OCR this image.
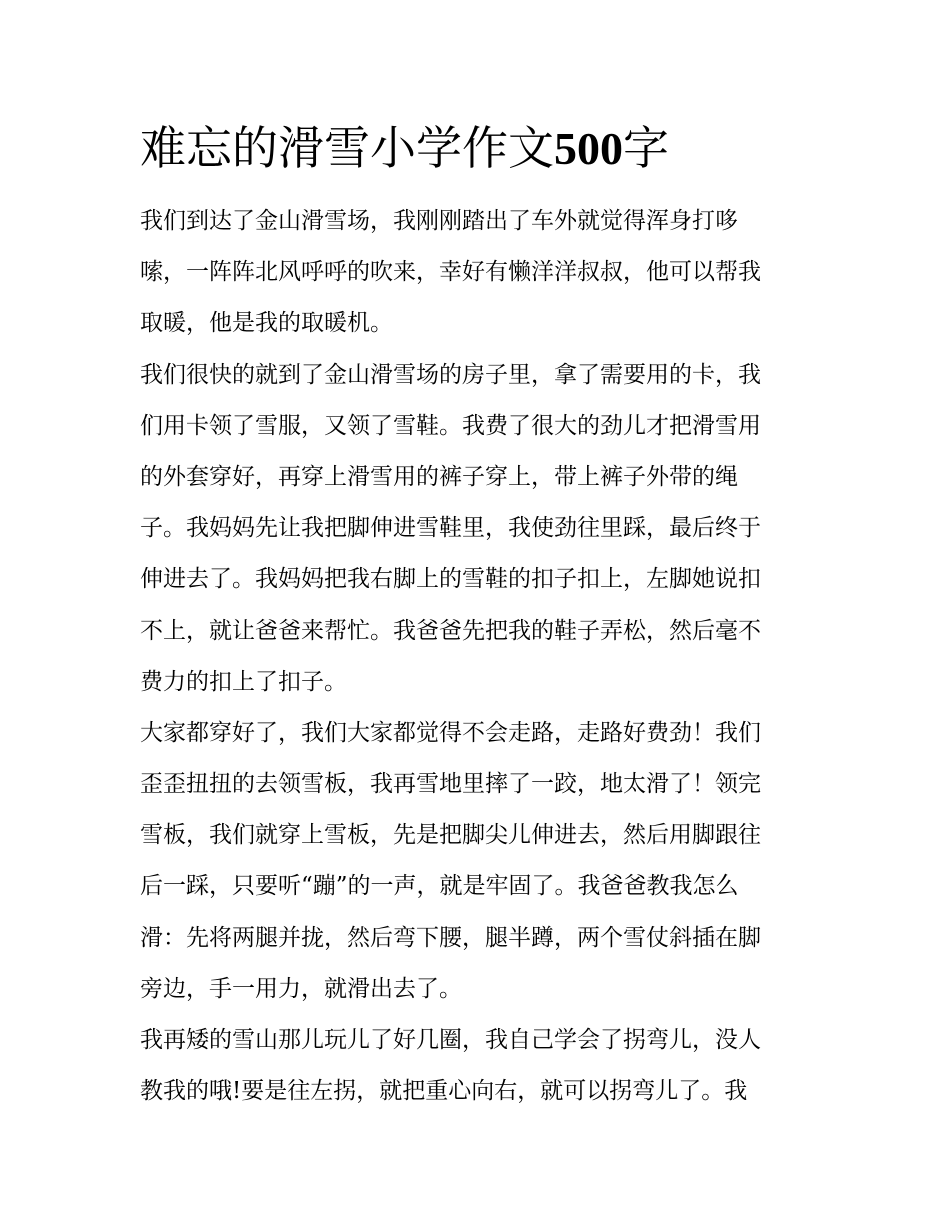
难忘的滑雪小学作文500字

我们到达了金山滑雪场，我刚刚踏出了车外就觉得浑身打哆
嗦，一阵阵北风呼呼的吹来，幸好有懒洋洋叔叔，他可以帮我
取暖，他是我的取暖机。

我们很快的就到了金山滑雪场的房子里，拿了需要用的卡，我
们用卡领了雪服，又领了雪鞋。我费了很大的劲儿才把滑雪用
的外套穿好，再穿上滑雪用的裤子穿上，带上裤子外带的绳
子。我妈妈先让我把脚伸进雪鞋里，我使劲往里踩，最后终于
伸进去了。我妈妈把我右脚上的雪鞋的扣子扣上，左脚她说扣
不上，就让爸爸来帮忙。我爸爸先把我的鞋子弄松，然后毫不
费力的扣上了扣子。

大家都穿好了，我们大家都觉得不会走路，走路好费劲！我们
歪歪扭扭的去领雪板，我再雪地里摔了一跤，地太滑了！领完
雪板，我们就穿上雪板，先是把脚尖儿伸进去，然后用脚跟往
后一踩，只要听“蹦”的一声，就是牢固了。我爸爸教我怎么
滑：先将两腿并拢，然后弯下腰，腿半蹲，两个雪仗斜插在脚
旁边，手一用力，就滑出去了。

我再矮的雪山那儿玩儿了好几圈，我自己学会了拐弯儿，没人
教我的哦!要是往左拐，就把重心向右，就可以拐弯儿了。我
